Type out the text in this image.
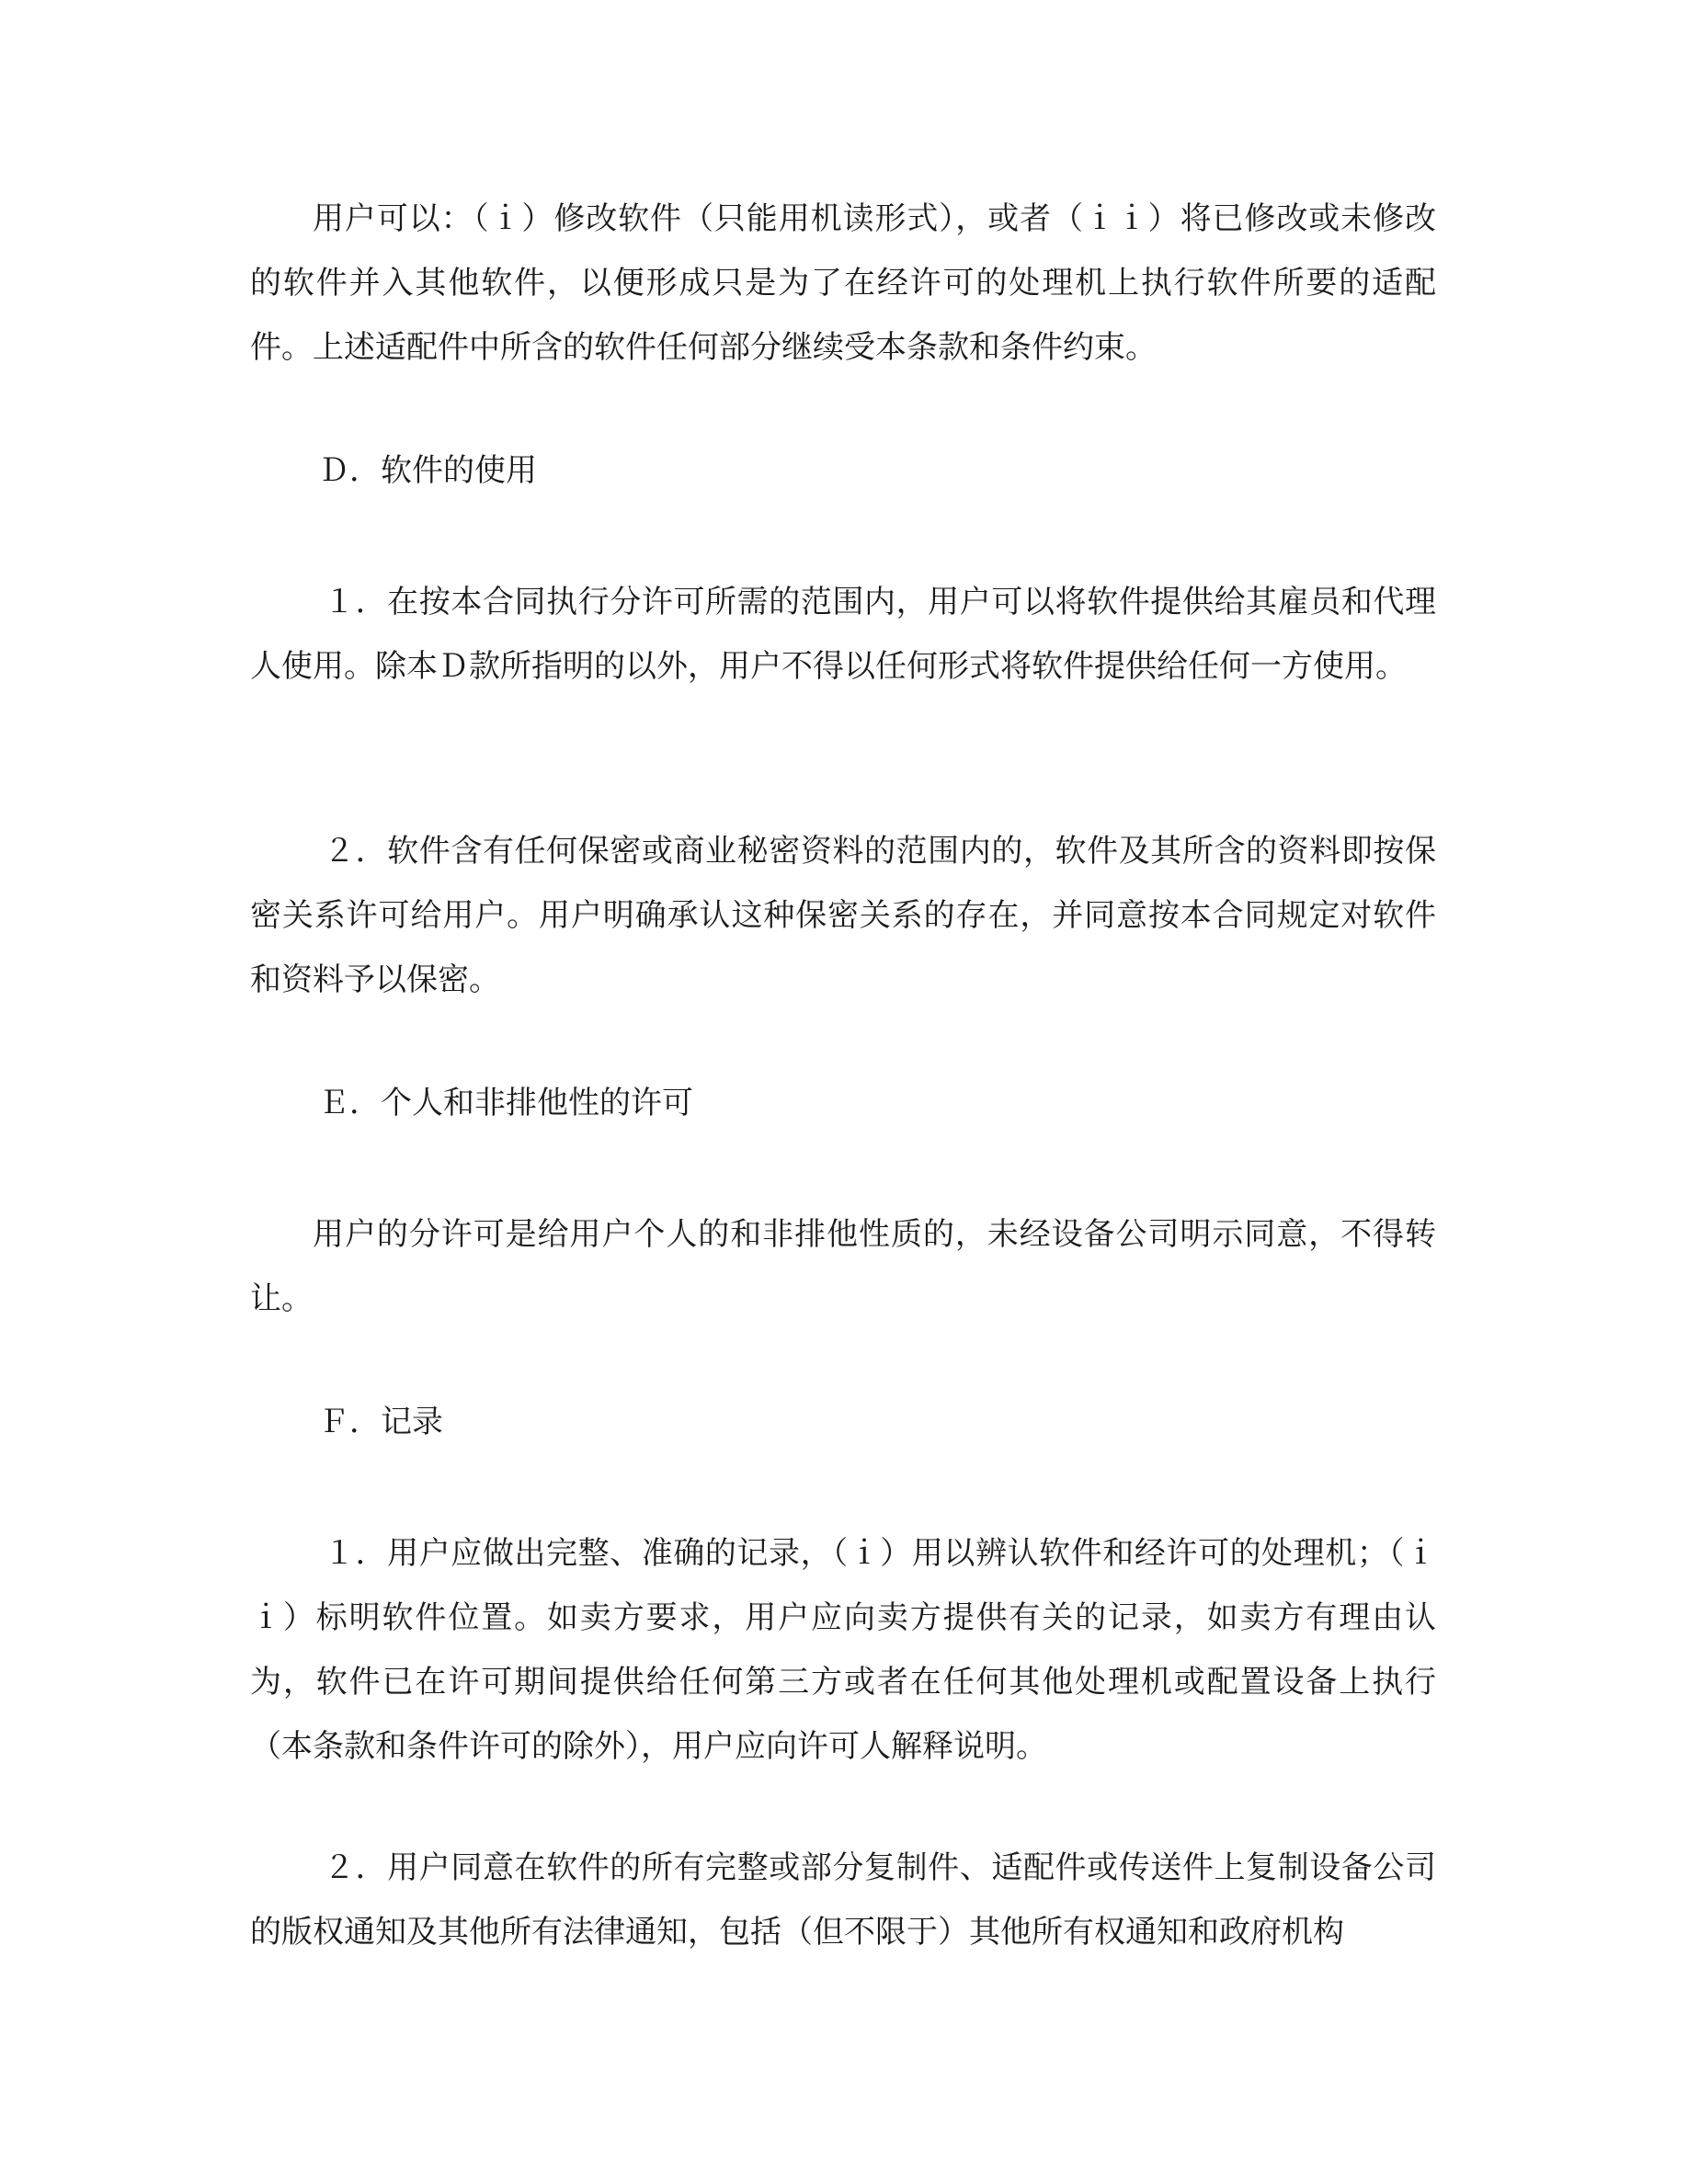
用户可以：（ｉ）修改软件（只能用机读形式），或者（ｉｉ）将已修改或未修改的软件并入其他软件，以便形成只是为了在经许可的处理机上执行软件所要的适配件。上述适配件中所含的软件任何部分继续受本条款和条件约束。

Ｄ．软件的使用

１．在按本合同执行分许可所需的范围内，用户可以将软件提供给其雇员和代理人使用。除本Ｄ款所指明的以外，用户不得以任何形式将软件提供给任何一方使用。

２．软件含有任何保密或商业秘密资料的范围内的，软件及其所含的资料即按保密关系许可给用户。用户明确承认这种保密关系的存在，并同意按本合同规定对软件和资料予以保密。

Ｅ．个人和非排他性的许可

用户的分许可是给用户个人的和非排他性质的，未经设备公司明示同意，不得转让。

Ｆ．记录

１．用户应做出完整、准确的记录，（ｉ）用以辨认软件和经许可的处理机；（ｉｉ）标明软件位置。如卖方要求，用户应向卖方提供有关的记录，如卖方有理由认为，软件已在许可期间提供给任何第三方或者在任何其他处理机或配置设备上执行（本条款和条件许可的除外），用户应向许可人解释说明。

２．用户同意在软件的所有完整或部分复制件、适配件或传送件上复制设备公司的版权通知及其他所有法律通知，包括（但不限于）其他所有权通知和政府机构
